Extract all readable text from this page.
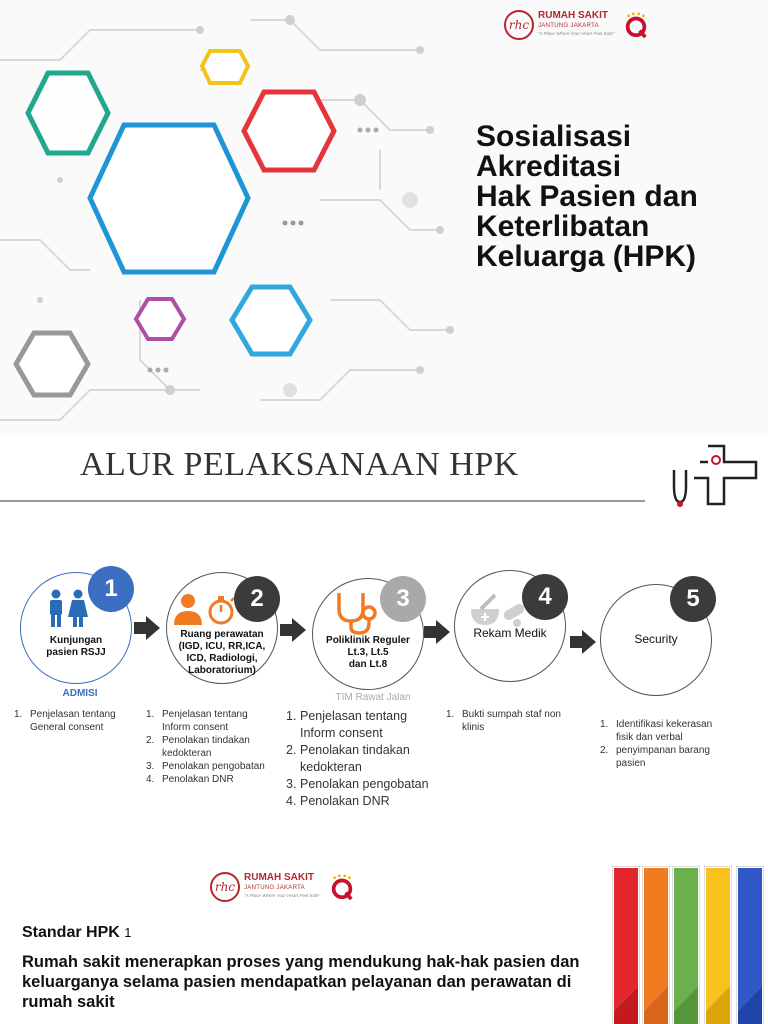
rhc
RUMAH SAKIT
JANTUNG JAKARTA
"A Place Where Your Heart Feel Safe"
Sosialisasi
Akreditasi
Hak Pasien dan
Keterlibatan
Keluarga (HPK)
ALUR PELAKSANAAN HPK
Kunjungan
pasien RSJJ
1
ADMISI
1. Penjelasan tentang General consent
Ruang perawatan
(IGD, ICU, RR,ICA,
ICD, Radiologi,
Laboratorium)
2
1. Penjelasan tentang Inform consent
2. Penolakan tindakan kedokteran
3. Penolakan pengobatan
4. Penolakan DNR
Poliklinik Reguler
Lt.3, Lt.5
dan Lt.8
3
TIM Rawat Jalan
1. Penjelasan tentang Inform consent
2. Penolakan tindakan kedokteran
3. Penolakan pengobatan
4. Penolakan DNR
Rekam Medik
4
1. Bukti sumpah staf non klinis
Security
5
1. Identifikasi kekerasan fisik dan verbal
2. penyimpanan barang pasien
rhc
RUMAH SAKIT
JANTUNG JAKARTA
"A Place Where Your Heart Feel Safe"
Standar HPK 1
Rumah sakit menerapkan proses yang mendukung hak-hak pasien dan keluarganya selama pasien mendapatkan pelayanan dan perawatan di rumah sakit
